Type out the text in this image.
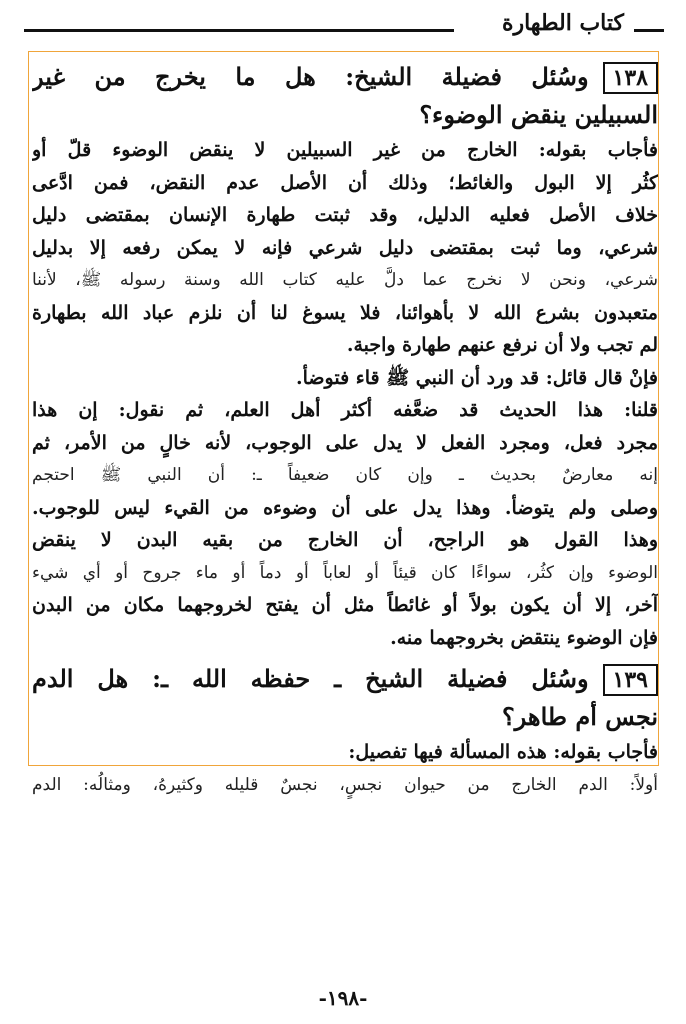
كتاب الطهارة
١٣٨وسُئل فضيلة الشيخ: هل ما يخرج من غير
السبيلين ينقض الوضوء؟
فأجاب بقوله: الخارج من غير السبيلين لا ينقض الوضوء قلّ أو
كثُر إلا البول والغائط؛ وذلك أن الأصل عدم النقض، فمن ادَّعى
خلاف الأصل فعليه الدليل، وقد ثبتت طهارة الإنسان بمقتضى دليل
شرعي، وما ثبت بمقتضى دليل شرعي فإنه لا يمكن رفعه إلا بدليل
شرعي، ونحن لا نخرج عما دلَّ عليه كتاب الله وسنة رسوله ﷺ، لأننا
متعبدون بشرع الله لا بأهوائنا، فلا يسوغ لنا أن نلزم عباد الله بطهارة
لم تجب ولا أن نرفع عنهم طهارة واجبة.
فإنْ قال قائل: قد ورد أن النبي ﷺ قاء فتوضأ.
قلنا: هذا الحديث قد ضعَّفه أكثر أهل العلم، ثم نقول: إن هذا
مجرد فعل، ومجرد الفعل لا يدل على الوجوب، لأنه خالٍ من الأمر، ثم
إنه معارضٌ بحديث ـ وإن كان ضعيفاً ـ: أن النبي ﷺ احتجم
وصلى ولم يتوضأ. وهذا يدل على أن وضوءه من القيء ليس للوجوب.
وهذا القول هو الراجح، أن الخارج من بقيه البدن لا ينقض
الوضوء وإن كثُر، سواءًا كان قيئاً أو لعاباً أو دماً أو ماء جروح أو أي شيء
آخر، إلا أن يكون بولاً أو غائطاً مثل أن يفتح لخروجهما مكان من البدن
فإن الوضوء ينتقض بخروجهما منه.
١٣٩وسُئل فضيلة الشيخ ـ حفظه الله ـ: هل الدم
نجس أم طاهر؟
فأجاب بقوله: هذه المسألة فيها تفصيل:
أولاً: الدم الخارج من حيوان نجسٍ، نجسٌ قليله وكثيرهُ، ومثالُه: الدم
-١٩٨-
